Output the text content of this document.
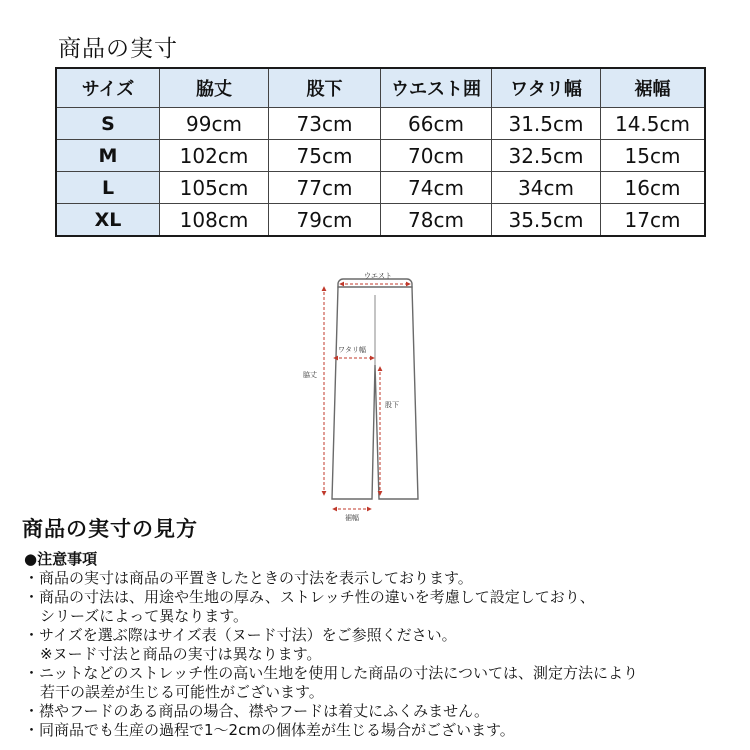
商品の実寸
サイズ	脇丈	股下	ウエスト囲	ワタリ幅	裾幅
S	99cm	73cm	66cm	31.5cm	14.5cm
M	102cm	75cm	70cm	32.5cm	15cm
L	105cm	77cm	74cm	34cm	16cm
XL	108cm	79cm	78cm	35.5cm	17cm
ウエスト
ワタリ幅
脇丈
股下
裾幅
商品の実寸の見方
●注意事項
・商品の実寸は商品の平置きしたときの寸法を表示しております。
・商品の寸法は、用途や生地の厚み、ストレッチ性の違いを考慮して設定しており、
シリーズによって異なります。
・サイズを選ぶ際はサイズ表（ヌード寸法）をご参照ください。
※ヌード寸法と商品の実寸は異なります。
・ニットなどのストレッチ性の高い生地を使用した商品の寸法については、測定方法により
若干の誤差が生じる可能性がございます。
・襟やフードのある商品の場合、襟やフードは着丈にふくみません。
・同商品でも生産の過程で1～2cmの個体差が生じる場合がございます。
